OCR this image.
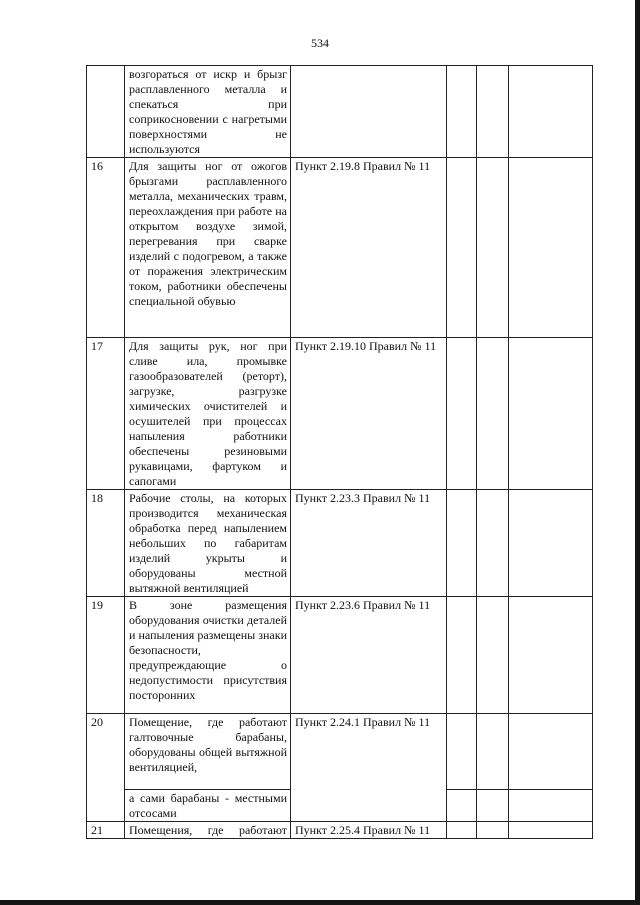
534

	возгораться от искр и брызг расплавленного металла и спекаться при соприкосновении с нагретыми поверхностями не используются				

16	Для защиты ног от ожогов брызгами расплавленного металла, механических травм, переохлаждения при работе на открытом воздухе зимой, перегревания при сварке изделий с подогревом, а также от поражения электрическим током, работники обеспечены специальной обувью	Пункт 2.19.8 Правил № 11			
17	Для защиты рук, ног при сливе ила, промывке газообразователей (реторт), загрузке, разгрузке химических очистителей и осушителей при процессах напыления работники обеспечены резиновыми рукавицами, фартуком и сапогами	Пункт 2.19.10 Правил № 11			
18	Рабочие столы, на которых производится механическая обработка перед напылением небольших по габаритам изделий укрыты и оборудованы местной вытяжной вентиляцией	Пункт 2.23.3 Правил № 11			
19	В зоне размещения оборудования очистки деталей и напыления размещены знаки безопасности, предупреждающие о недопустимости присутствия посторонних	Пункт 2.23.6 Правил № 11			
20	Помещение, где работают галтовочные барабаны, оборудованы общей вытяжной вентиляцией,	Пункт 2.24.1 Правил № 11			

	а сами барабаны - местными отсосами				

21	Помещения, где работают	Пункт 2.25.4 Правил № 11			
